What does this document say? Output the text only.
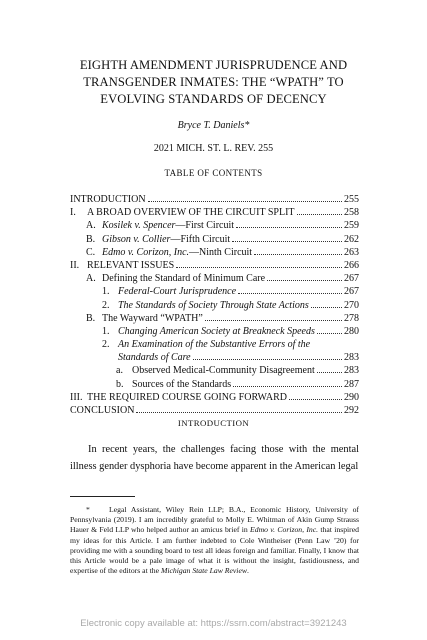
EIGHTH AMENDMENT JURISPRUDENCE AND
TRANSGENDER INMATES: THE “WPATH” TO
EVOLVING STANDARDS OF DECENCY
Bryce T. Daniels*
2021 MICH. ST. L. REV. 255
TABLE OF CONTENTS
INTRODUCTION	255
I.	A BROAD OVERVIEW OF THE CIRCUIT SPLIT	258
A. Kosilek v. Spencer—First Circuit	259
B. Gibson v. Collier—Fifth Circuit	262
C. Edmo v. Corizon, Inc.—Ninth Circuit	263
II. RELEVANT ISSUES	266
A. Defining the Standard of Minimum Care	267
1. Federal-Court Jurisprudence	267
2. The Standards of Society Through State Actions	270
B. The Wayward “WPATH”	278
1. Changing American Society at Breakneck Speeds	280
2. An Examination of the Substantive Errors of the
Standards of Care	283
a. Observed Medical-Community Disagreement	283
b. Sources of the Standards	287
III. THE REQUIRED COURSE GOING FORWARD	290
CONCLUSION	292
INTRODUCTION

In recent years, the challenges facing those with the mental illness gender dysphoria have become apparent in the American legal

* Legal Assistant, Wiley Rein LLP; B.A., Economic History, University of Pennsylvania (2019). I am incredibly grateful to Molly E. Whitman of Akin Gump Strauss Hauer & Feld LLP who helped author an amicus brief in Edmo v. Corizon, Inc. that inspired my ideas for this Article. I am further indebted to Cole Wintheiser (Penn Law ’20) for providing me with a sounding board to test all ideas foreign and familiar. Finally, I know that this Article would be a pale image of what it is without the insight, fastidiousness, and expertise of the editors at the Michigan State Law Review.

Electronic copy available at: https://ssrn.com/abstract=3921243
